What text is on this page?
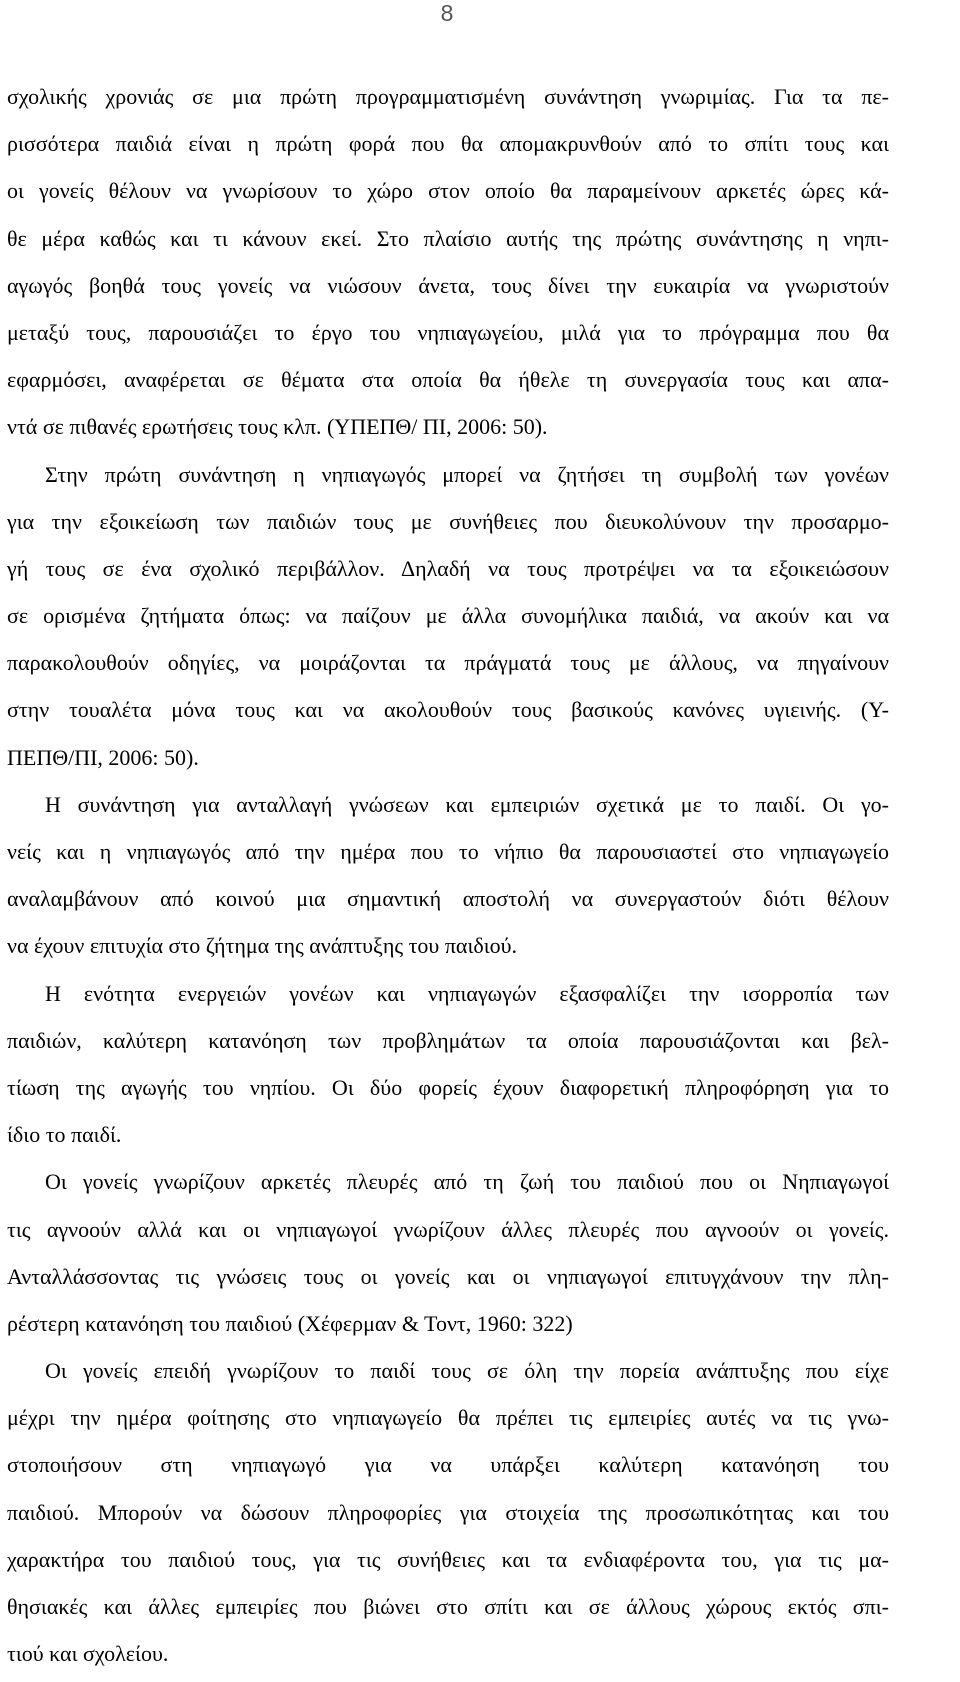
8
σχολικής χρονιάς σε μια πρώτη προγραμματισμένη συνάντηση γνωριμίας. Για τα πε-
ρισσότερα παιδιά είναι η πρώτη φορά που θα απομακρυνθούν από το σπίτι τους και
οι γονείς θέλουν να γνωρίσουν το χώρο στον οποίο θα παραμείνουν αρκετές ώρες κά-
θε μέρα καθώς και τι κάνουν εκεί. Στο πλαίσιο αυτής της πρώτης συνάντησης η νηπι-
αγωγός βοηθά τους γονείς να νιώσουν άνετα, τους δίνει την ευκαιρία να γνωριστούν
μεταξύ τους, παρουσιάζει το έργο του νηπιαγωγείου, μιλά για το πρόγραμμα που θα
εφαρμόσει, αναφέρεται σε θέματα στα οποία θα ήθελε τη συνεργασία τους και απα-
ντά σε πιθανές ερωτήσεις τους κλπ. (ΥΠΕΠΘ/ ΠΙ, 2006: 50).
Στην πρώτη συνάντηση η νηπιαγωγός μπορεί να ζητήσει τη συμβολή των γονέων
για την εξοικείωση των παιδιών τους με συνήθειες που διευκολύνουν την προσαρμο-
γή τους σε ένα σχολικό περιβάλλον. Δηλαδή να τους προτρέψει να τα εξοικειώσουν
σε ορισμένα ζητήματα όπως: να παίζουν με άλλα συνομήλικα παιδιά, να ακούν και να
παρακολουθούν οδηγίες, να μοιράζονται τα πράγματά τους με άλλους, να πηγαίνουν
στην τουαλέτα μόνα τους και να ακολουθούν τους βασικούς κανόνες υγιεινής. (Υ-
ΠΕΠΘ/ΠΙ, 2006: 50).
Η συνάντηση για ανταλλαγή γνώσεων και εμπειριών σχετικά με το παιδί. Οι γο-
νείς και η νηπιαγωγός από την ημέρα που το νήπιο θα παρουσιαστεί στο νηπιαγωγείο
αναλαμβάνουν από κοινού μια σημαντική αποστολή να συνεργαστούν διότι θέλουν
να έχουν επιτυχία στο ζήτημα της ανάπτυξης του παιδιού.
Η ενότητα ενεργειών γονέων και νηπιαγωγών εξασφαλίζει την ισορροπία των
παιδιών, καλύτερη κατανόηση των προβλημάτων τα οποία παρουσιάζονται και βελ-
τίωση της αγωγής του νηπίου. Οι δύο φορείς έχουν διαφορετική πληροφόρηση για το
ίδιο το παιδί.
Οι γονείς γνωρίζουν αρκετές πλευρές από τη ζωή του παιδιού που οι Νηπιαγωγοί
τις αγνοούν αλλά και οι νηπιαγωγοί γνωρίζουν άλλες πλευρές που αγνοούν οι γονείς.
Ανταλλάσσοντας τις γνώσεις τους οι γονείς και οι νηπιαγωγοί επιτυγχάνουν την πλη-
ρέστερη κατανόηση του παιδιού (Χέφερμαν & Τοντ, 1960: 322)
Οι γονείς επειδή γνωρίζουν το παιδί τους σε όλη την πορεία ανάπτυξης που είχε
μέχρι την ημέρα φοίτησης στο νηπιαγωγείο θα πρέπει τις εμπειρίες αυτές να τις γνω-
στοποιήσουν στη νηπιαγωγό για να υπάρξει καλύτερη κατανόηση του
παιδιού. Μπορούν να δώσουν πληροφορίες για στοιχεία της προσωπικότητας και του
χαρακτήρα του παιδιού τους, για τις συνήθειες και τα ενδιαφέροντα του, για τις μα-
θησιακές και άλλες εμπειρίες που βιώνει στο σπίτι και σε άλλους χώρους εκτός σπι-
τιού και σχολείου.
